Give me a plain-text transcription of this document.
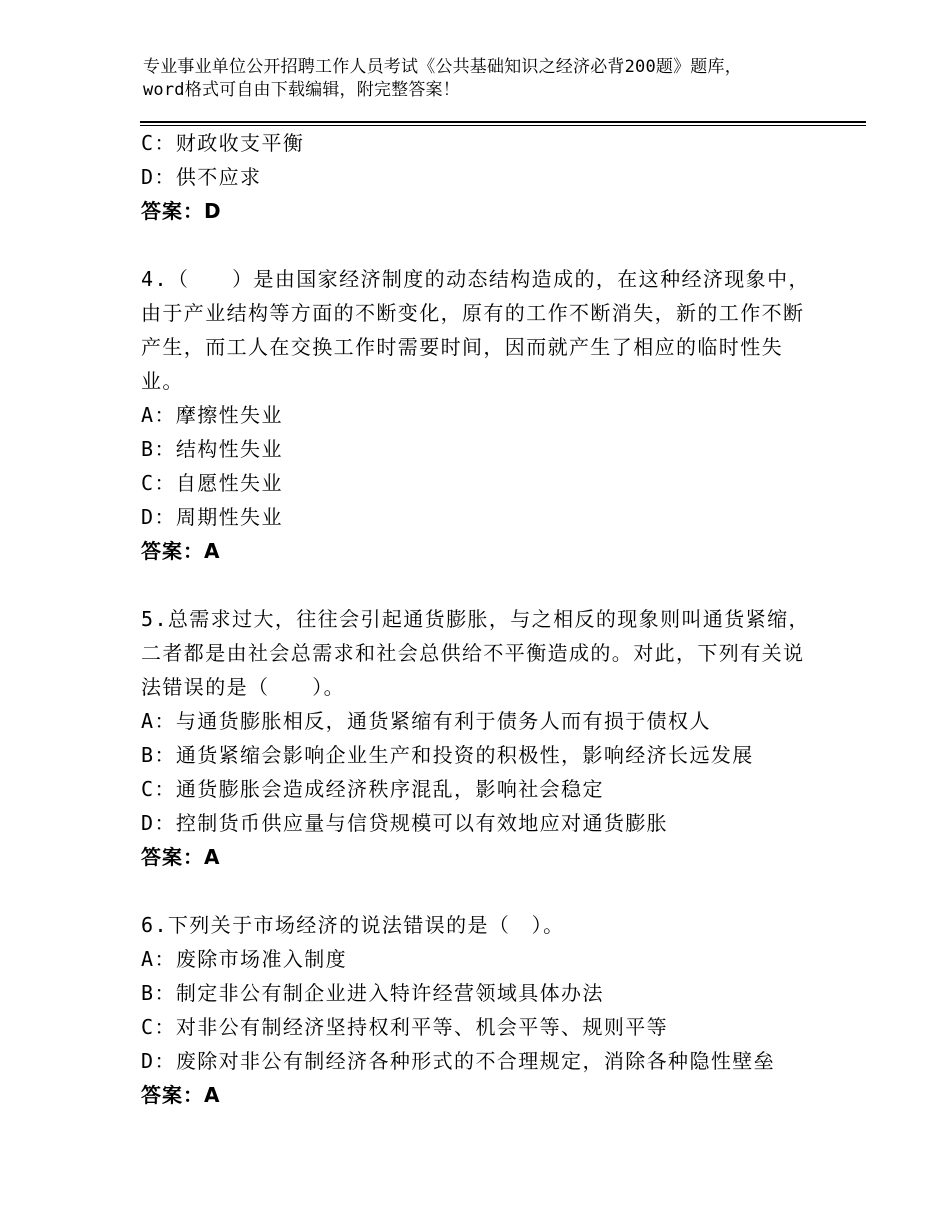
专业事业单位公开招聘工作人员考试《公共基础知识之经济必背200题》题库，word格式可自由下载编辑，附完整答案！
C：财政收支平衡
D：供不应求
答案：D
4.（　　）是由国家经济制度的动态结构造成的，在这种经济现象中，由于产业结构等方面的不断变化，原有的工作不断消失，新的工作不断产生，而工人在交换工作时需要时间，因而就产生了相应的临时性失业。
A：摩擦性失业
B：结构性失业
C：自愿性失业
D：周期性失业
答案：A
5.总需求过大，往往会引起通货膨胀，与之相反的现象则叫通货紧缩，二者都是由社会总需求和社会总供给不平衡造成的。对此，下列有关说法错误的是（　　）。
A：与通货膨胀相反，通货紧缩有利于债务人而有损于债权人
B：通货紧缩会影响企业生产和投资的积极性，影响经济长远发展
C：通货膨胀会造成经济秩序混乱，影响社会稳定
D：控制货币供应量与信贷规模可以有效地应对通货膨胀
答案：A
6.下列关于市场经济的说法错误的是（　）。
A：废除市场准入制度
B：制定非公有制企业进入特许经营领域具体办法
C：对非公有制经济坚持权利平等、机会平等、规则平等
D：废除对非公有制经济各种形式的不合理规定，消除各种隐性壁垒
答案：A
